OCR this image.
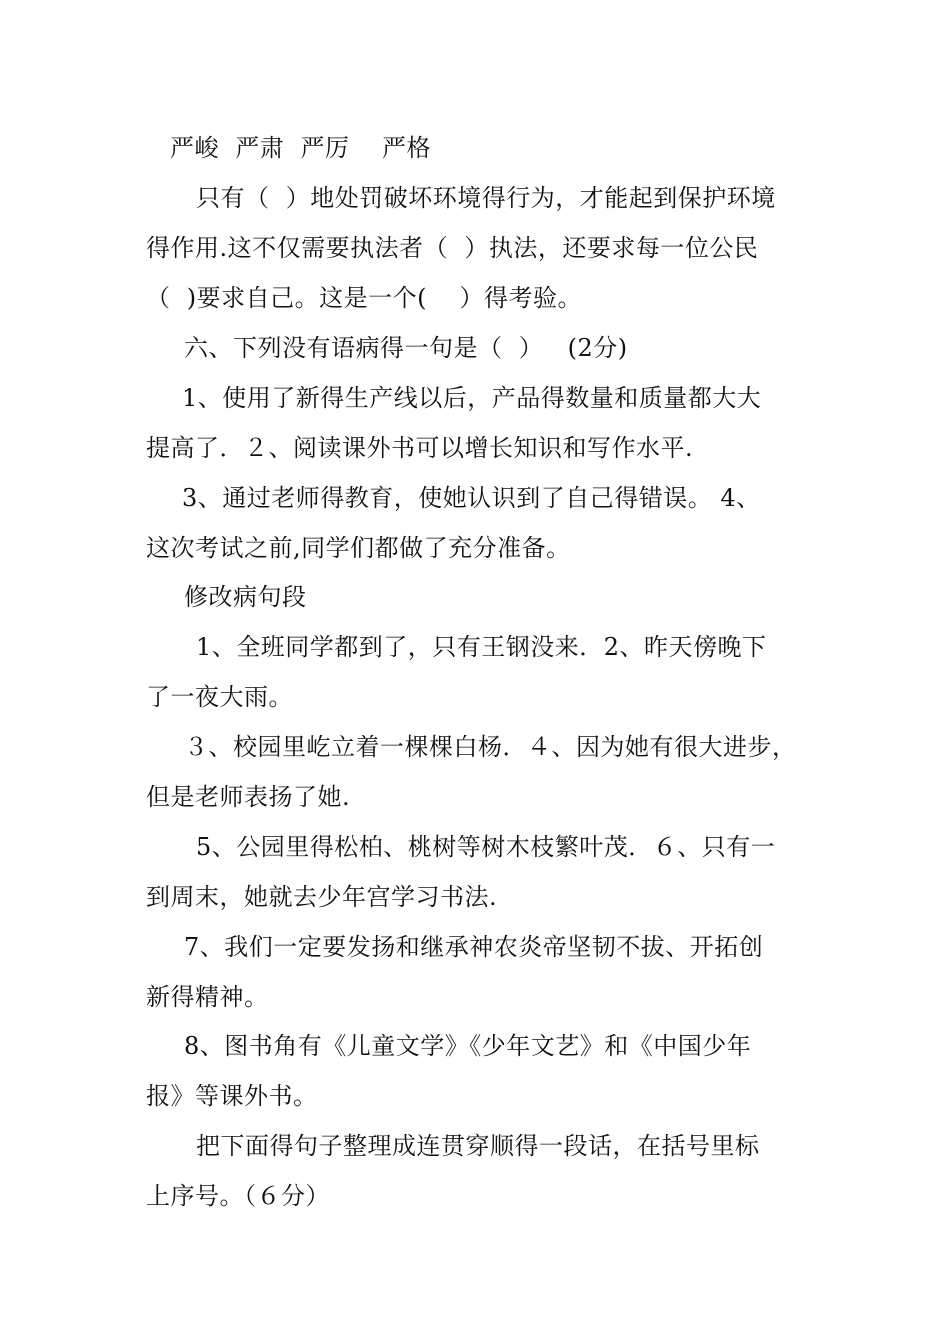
严峻  严肃  严厉    严格
只有（  ）地处罚破坏环境得行为，才能起到保护环境
得作用.这不仅需要执法者（  ）执法，还要求每一位公民
（  )要求自己。这是一个(    ）得考验。
六、下列没有语病得一句是（  ）   (2分)
1、使用了新得生产线以后，产品得数量和质量都大大
提高了．２、阅读课外书可以增长知识和写作水平.
3、通过老师得教育，使她认识到了自己得错误。 4、
这次考试之前,同学们都做了充分准备。
修改病句段
1、全班同学都到了，只有王钢没来．2、昨天傍晚下
了一夜大雨。
３、校园里屹立着一棵棵白杨．４、因为她有很大进步，
但是老师表扬了她.
5、公园里得松柏、桃树等树木枝繁叶茂．６、只有一
到周末，她就去少年宫学习书法.
7、我们一定要发扬和继承神农炎帝坚韧不拔、开拓创
新得精神。
8、图书角有《儿童文学》《少年文艺》和《中国少年
报》等课外书。
把下面得句子整理成连贯穿顺得一段话，在括号里标
上序号。（６分）
